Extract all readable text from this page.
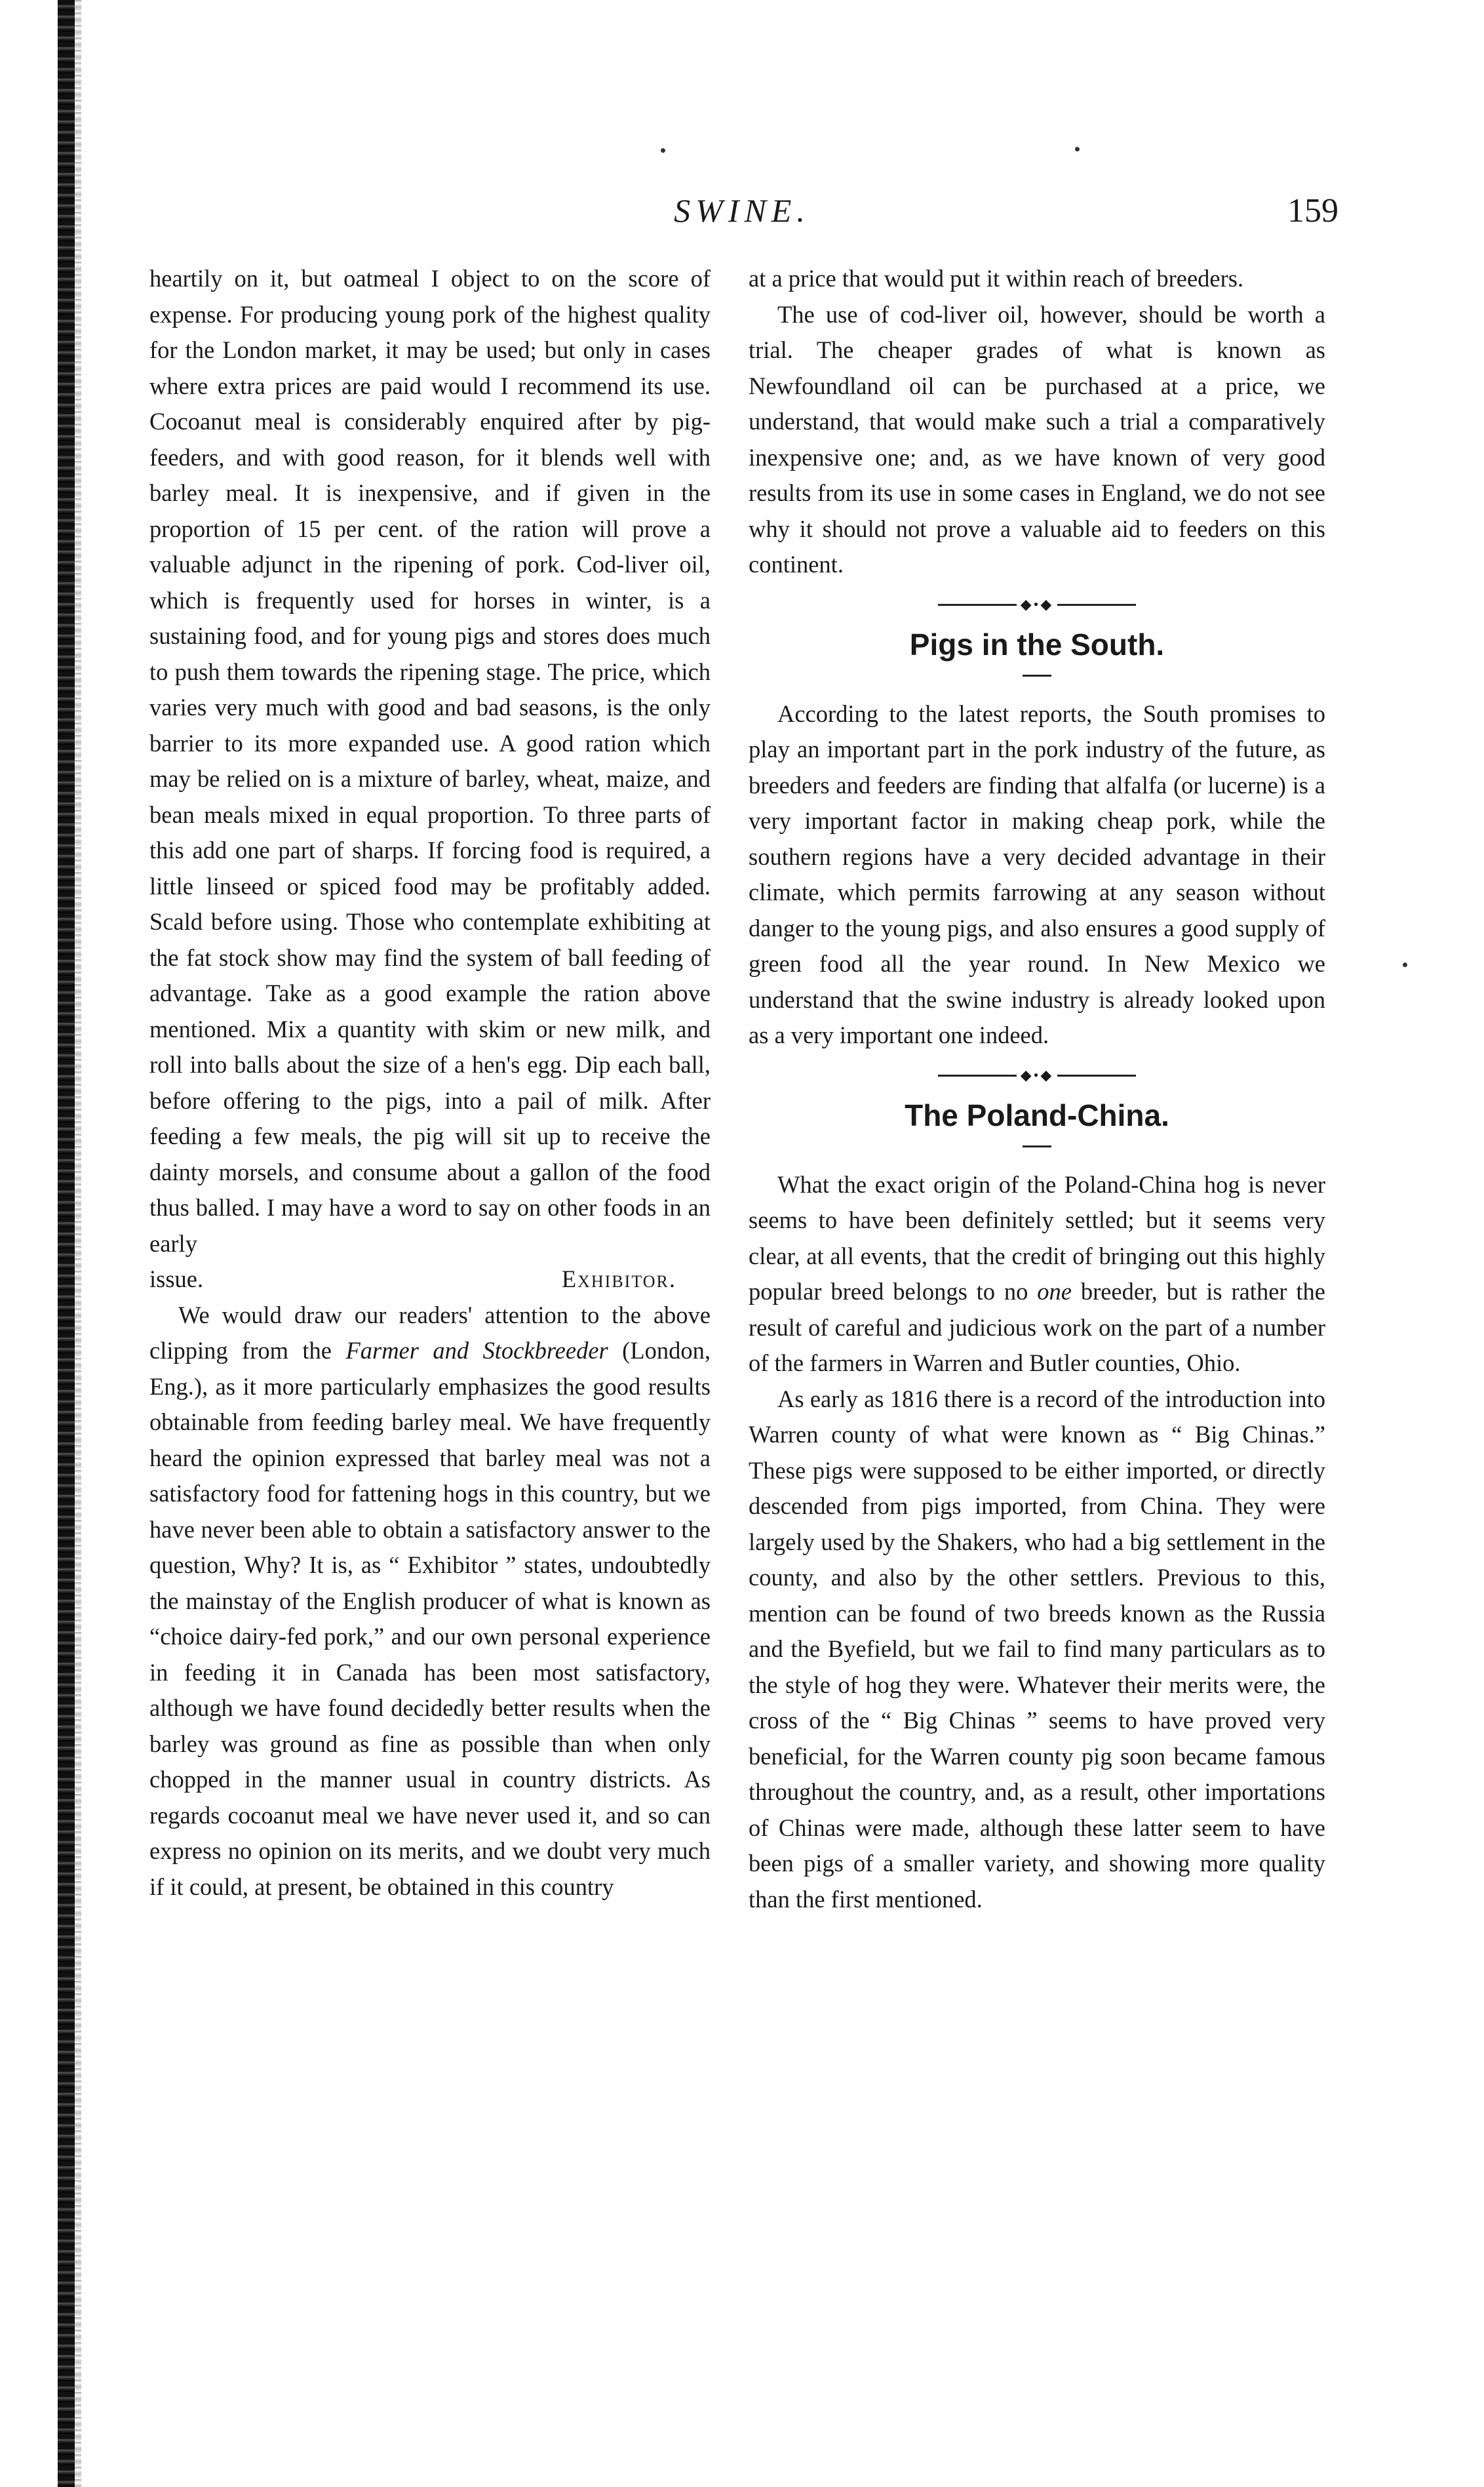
SWINE.	159

heartily on it, but oatmeal I object to on the score of expense. For producing young pork of the highest quality for the London market, it may be used; but only in cases where extra prices are paid would I recommend its use. Cocoanut meal is considerably enquired after by pig-feeders, and with good reason, for it blends well with barley meal. It is inexpensive, and if given in the proportion of 15 per cent. of the ration will prove a valuable adjunct in the ripening of pork. Cod-liver oil, which is frequently used for horses in winter, is a sustaining food, and for young pigs and stores does much to push them towards the ripening stage. The price, which varies very much with good and bad seasons, is the only barrier to its more expanded use. A good ration which may be relied on is a mixture of barley, wheat, maize, and bean meals mixed in equal proportion. To three parts of this add one part of sharps. If forcing food is required, a little linseed or spiced food may be profitably added. Scald before using. Those who contemplate exhibiting at the fat stock show may find the system of ball feeding of advantage. Take as a good example the ration above mentioned. Mix a quantity with skim or new milk, and roll into balls about the size of a hen's egg. Dip each ball, before offering to the pigs, into a pail of milk. After feeding a few meals, the pig will sit up to receive the dainty morsels, and consume about a gallon of the food thus balled. I may have a word to say on other foods in an early

issue.	Exhibitor.

We would draw our readers' attention to the above clipping from the Farmer and Stockbreeder (London, Eng.), as it more particularly emphasizes the good results obtainable from feeding barley meal. We have frequently heard the opinion expressed that barley meal was not a satisfactory food for fattening hogs in this country, but we have never been able to obtain a satisfactory answer to the question, Why? It is, as “ Exhibitor ” states, undoubtedly the mainstay of the English producer of what is known as “choice dairy-fed pork,” and our own personal experience in feeding it in Canada has been most satisfactory, although we have found decidedly better results when the barley was ground as fine as possible than when only chopped in the manner usual in country districts. As regards cocoanut meal we have never used it, and so can express no opinion on its merits, and we doubt very much if it could, at present, be obtained in this country

at a price that would put it within reach of breeders.

The use of cod-liver oil, however, should be worth a trial. The cheaper grades of what is known as Newfoundland oil can be purchased at a price, we understand, that would make such a trial a comparatively inexpensive one; and, as we have known of very good results from its use in some cases in England, we do not see why it should not prove a valuable aid to feeders on this continent.

◆•◆
Pigs in the South.

According to the latest reports, the South promises to play an important part in the pork industry of the future, as breeders and feeders are finding that alfalfa (or lucerne) is a very important factor in making cheap pork, while the southern regions have a very decided advantage in their climate, which permits farrowing at any season without danger to the young pigs, and also ensures a good supply of green food all the year round. In New Mexico we understand that the swine industry is already looked upon as a very important one indeed.

◆•◆
The Poland-China.

What the exact origin of the Poland-China hog is never seems to have been definitely settled; but it seems very clear, at all events, that the credit of bringing out this highly popular breed belongs to no one breeder, but is rather the result of careful and judicious work on the part of a number of the farmers in Warren and Butler counties, Ohio.

As early as 1816 there is a record of the introduction into Warren county of what were known as “ Big Chinas.” These pigs were supposed to be either imported, or directly descended from pigs imported, from China. They were largely used by the Shakers, who had a big settlement in the county, and also by the other settlers. Previous to this, mention can be found of two breeds known as the Russia and the Byefield, but we fail to find many particulars as to the style of hog they were. Whatever their merits were, the cross of the “ Big Chinas ” seems to have proved very beneficial, for the Warren county pig soon became famous throughout the country, and, as a result, other importations of Chinas were made, although these latter seem to have been pigs of a smaller variety, and showing more quality than the first mentioned.
